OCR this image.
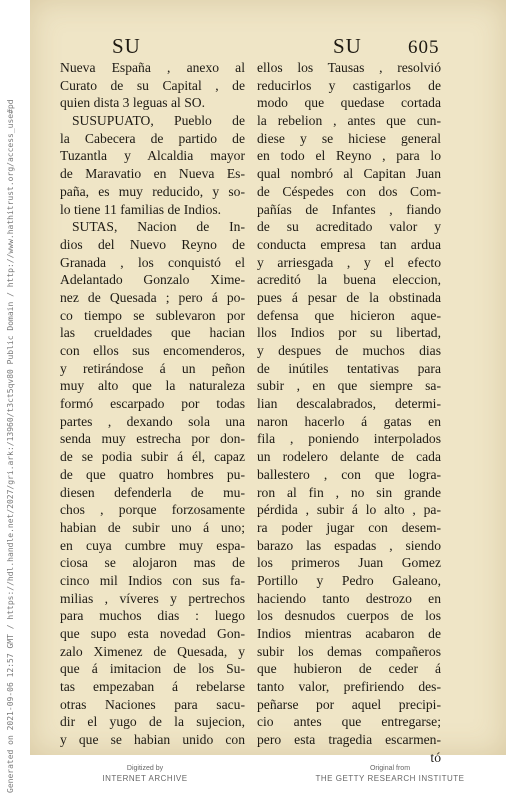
SU	SU 605
Nueva España , anexo al
Curato de su Capital , de
quien dista 3 leguas al SO.
SUSUPUATO, Pueblo de
la Cabecera de partido de
Tuzantla y Alcaldia mayor
de Maravatio en Nueva Es-
paña, es muy reducido, y so-
lo tiene 11 familias de Indios.
SUTAS, Nacion de In-
dios del Nuevo Reyno de
Granada , los conquistó el
Adelantado Gonzalo Xime-
nez de Quesada ; pero á po-
co tiempo se sublevaron por
las crueldades que hacian
con ellos sus encomenderos,
y retirándose á un peñon
muy alto que la naturaleza
formó escarpado por todas
partes , dexando sola una
senda muy estrecha por don-
de se podia subir á él, capaz
de que quatro hombres pu-
diesen defenderla de mu-
chos , porque forzosamente
habian de subir uno á uno;
en cuya cumbre muy espa-
ciosa se alojaron mas de
cinco mil Indios con sus fa-
milias , víveres y pertrechos
para muchos dias : luego
que supo esta novedad Gon-
zalo Ximenez de Quesada, y
que á imitacion de los Su-
tas empezaban á rebelarse
otras Naciones para sacu-
dir el yugo de la sujecion,
y que se habian unido con
ellos los Tausas , resolvió
reducirlos y castigarlos de
modo que quedase cortada
la rebelion , antes que cun-
diese y se hiciese general
en todo el Reyno , para lo
qual nombró al Capitan Juan
de Céspedes con dos Com-
pañías de Infantes , fiando
de su acreditado valor y
conducta empresa tan ardua
y arriesgada , y el efecto
acreditó la buena eleccion,
pues á pesar de la obstinada
defensa que hicieron aque-
llos Indios por su libertad,
y despues de muchos dias
de inútiles tentativas para
subir , en que siempre sa-
lian descalabrados, determi-
naron hacerlo á gatas en
fila , poniendo interpolados
un rodelero delante de cada
ballestero , con que logra-
ron al fin , no sin grande
pérdida , subir á lo alto , pa-
ra poder jugar con desem-
barazo las espadas , siendo
los primeros Juan Gomez
Portillo y Pedro Galeano,
haciendo tanto destrozo en
los desnudos cuerpos de los
Indios mientras acabaron de
subir los demas compañeros
que hubieron de ceder á
tanto valor, prefiriendo des-
peñarse por aquel precipi-
cio antes que entregarse;
pero esta tragedia escarmen-
tó
Generated on 2021-09-06 12:57 GMT / https://hdl.handle.net/2027/gri.ark:/13960/t3ct5qv80 Public Domain / http://www.hathitrust.org/access_use#pd	Digitized by
INTERNET ARCHIVE
Original from
THE GETTY RESEARCH INSTITUTE
